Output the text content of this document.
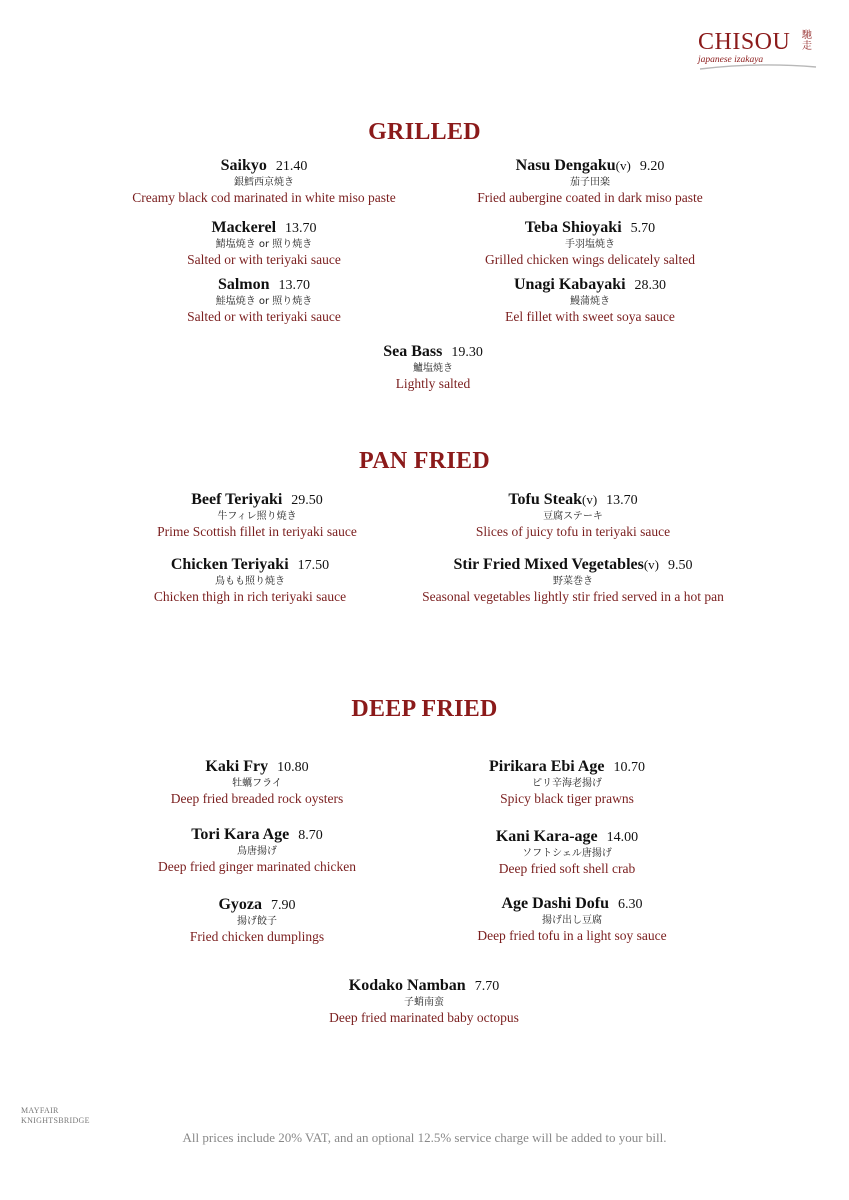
CHISOU 馳走
japanese izakaya
GRILLED
Saikyo 21.40
銀鱈西京焼き
Creamy black cod marinated in white miso paste
Nasu Dengaku(v) 9.20
茄子田楽
Fried aubergine coated in dark miso paste
Mackerel 13.70
鯖塩焼き or 照り焼き
Salted or with teriyaki sauce
Teba Shioyaki 5.70
手羽塩焼き
Grilled chicken wings delicately salted
Salmon 13.70
鮭塩焼き or 照り焼き
Salted or with teriyaki sauce
Unagi Kabayaki 28.30
鰻蒲焼き
Eel fillet with sweet soya sauce
Sea Bass 19.30
鱸塩焼き
Lightly salted
PAN FRIED
Beef Teriyaki 29.50
牛フィレ照り焼き
Prime Scottish fillet in teriyaki sauce
Tofu Steak(v) 13.70
豆腐ステーキ
Slices of juicy tofu in teriyaki sauce
Chicken Teriyaki 17.50
鳥もも照り焼き
Chicken thigh in rich teriyaki sauce
Stir Fried Mixed Vegetables(v) 9.50
野菜巻き
Seasonal vegetables lightly stir fried served in a hot pan
DEEP FRIED
Kaki Fry 10.80
牡蠣フライ
Deep fried breaded rock oysters
Pirikara Ebi Age 10.70
ピリ辛海老揚げ
Spicy black tiger prawns
Tori Kara Age 8.70
鳥唐揚げ
Deep fried ginger marinated chicken
Kani Kara-age 14.00
ソフトシェル唐揚げ
Deep fried soft shell crab
Gyoza 7.90
揚げ餃子
Fried chicken dumplings
Age Dashi Dofu 6.30
揚げ出し豆腐
Deep fried tofu in a light soy sauce
Kodako Namban 7.70
子蛸南蛮
Deep fried marinated baby octopus
MAYFAIR
KNIGHTSBRIDGE
All prices include 20% VAT, and an optional 12.5% service charge will be added to your bill.
